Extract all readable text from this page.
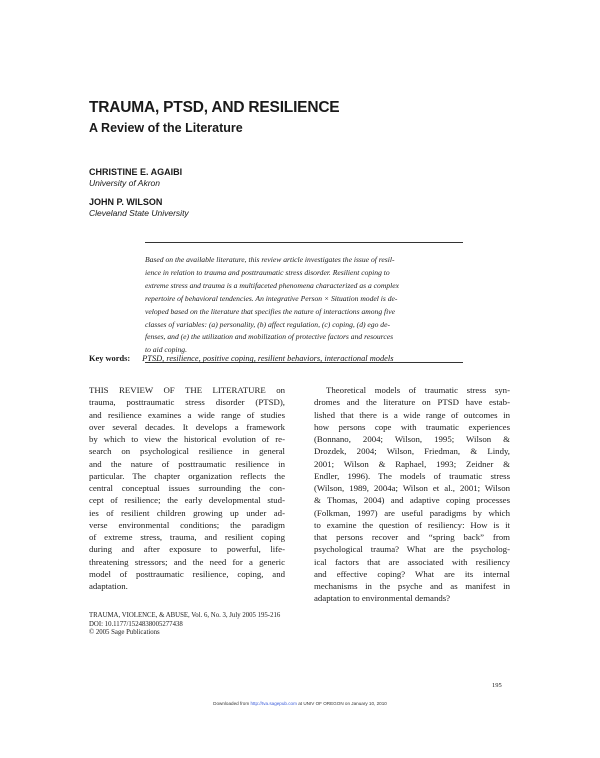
TRAUMA, PTSD, AND RESILIENCE
A Review of the Literature
CHRISTINE E. AGAIBI
University of Akron
JOHN P. WILSON
Cleveland State University
Based on the available literature, this review article investigates the issue of resil-
ience in relation to trauma and posttraumatic stress disorder. Resilient coping to
extreme stress and trauma is a multifaceted phenomena characterized as a complex
repertoire of behavioral tendencies. An integrative Person × Situation model is de-
veloped based on the literature that specifies the nature of interactions among five
classes of variables: (a) personality, (b) affect regulation, (c) coping, (d) ego de-
fenses, and (e) the utilization and mobilization of protective factors and resources
to aid coping.
Key words: PTSD, resilience, positive coping, resilient behaviors, interactional models
THIS REVIEW OF THE LITERATURE on
trauma, posttraumatic stress disorder (PTSD),
and resilience examines a wide range of studies
over several decades. It develops a framework
by which to view the historical evolution of re-
search on psychological resilience in general
and the nature of posttraumatic resilience in
particular. The chapter organization reflects the
central conceptual issues surrounding the con-
cept of resilience; the early developmental stud-
ies of resilient children growing up under ad-
verse environmental conditions; the paradigm
of extreme stress, trauma, and resilient coping
during and after exposure to powerful, life-
threatening stressors; and the need for a generic
model of posttraumatic resilience, coping, and
adaptation.
Theoretical models of traumatic stress syn-
dromes and the literature on PTSD have estab-
lished that there is a wide range of outcomes in
how persons cope with traumatic experiences
(Bonnano, 2004; Wilson, 1995; Wilson &
Drozdek, 2004; Wilson, Friedman, & Lindy,
2001; Wilson & Raphael, 1993; Zeidner &
Endler, 1996). The models of traumatic stress
(Wilson, 1989, 2004a; Wilson et al., 2001; Wilson
& Thomas, 2004) and adaptive coping processes
(Folkman, 1997) are useful paradigms by which
to examine the question of resiliency: How is it
that persons recover and “spring back” from
psychological trauma? What are the psycholog-
ical factors that are associated with resiliency
and effective coping? What are its internal
mechanisms in the psyche and as manifest in
adaptation to environmental demands?
TRAUMA, VIOLENCE, & ABUSE, Vol. 6, No. 3, July 2005 195-216
DOI: 10.1177/1524838005277438
© 2005 Sage Publications
195
Downloaded from http://tva.sagepub.com at UNIV OF OREGON on January 10, 2010
